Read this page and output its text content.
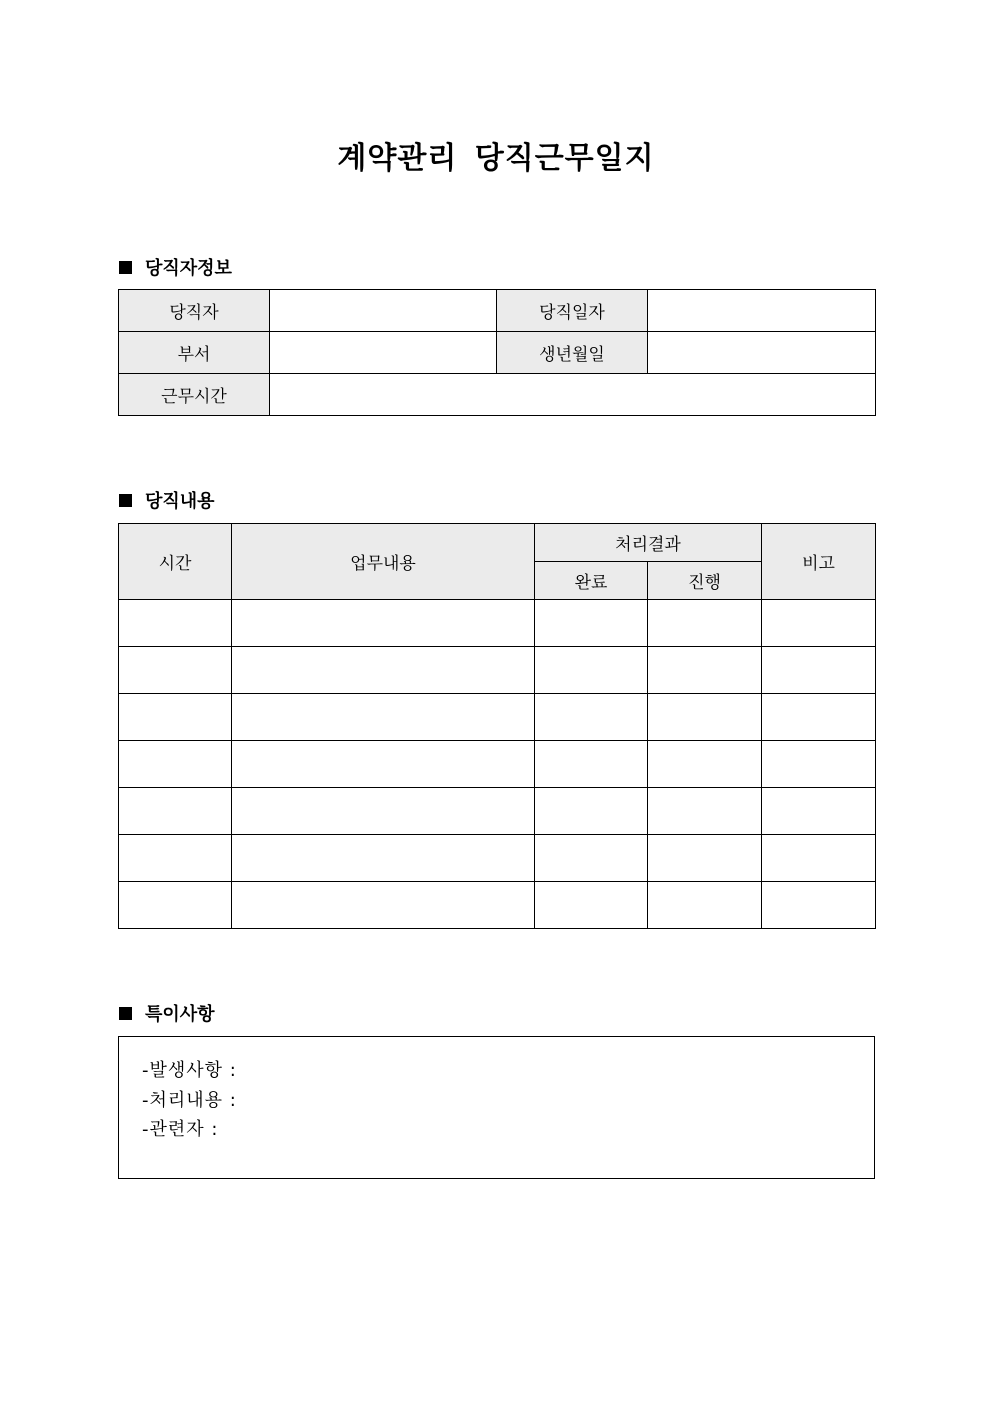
계약관리 당직근무일지
당직자정보
당직자		당직일자	
부서		생년월일	
근무시간			
당직내용
시간	업무내용	처리결과		비고
		완료	진행	

특이사항
-발생사항 :
-처리내용 :
-관련자 :
